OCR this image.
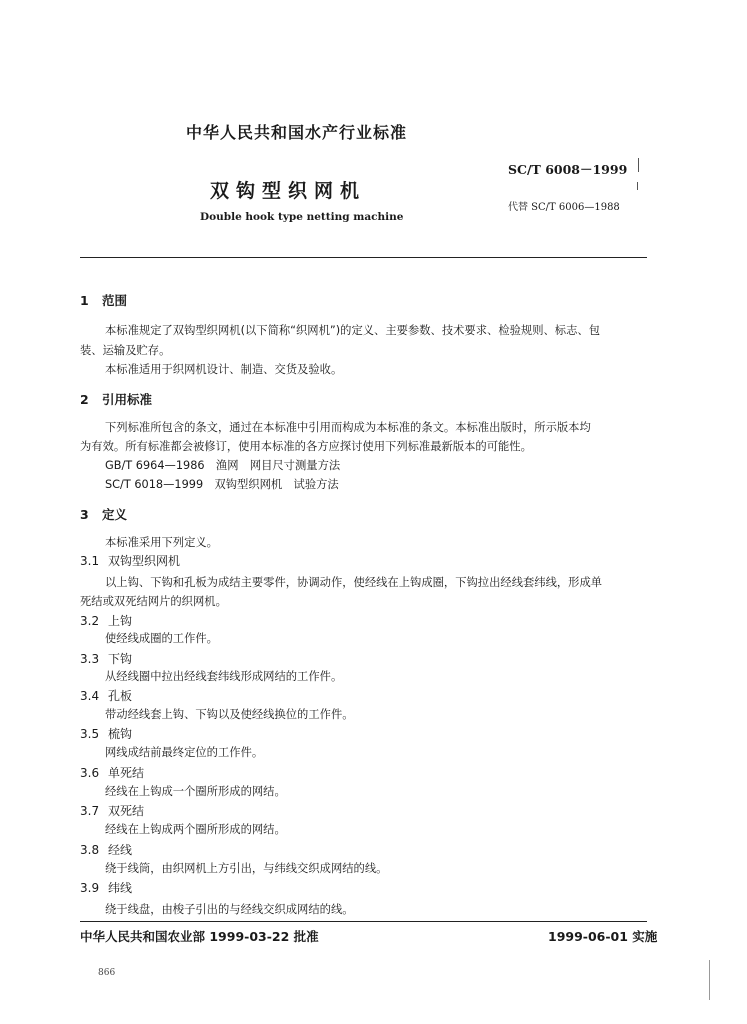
中华人民共和国水产行业标准
SC/T 6008－1999
双钩型织网机
代替 SC/T 6006—1988
Double hook type netting machine
1 范围
本标准规定了双钩型织网机(以下简称“织网机”)的定义、主要参数、技术要求、检验规则、标志、包
装、运输及贮存。
本标准适用于织网机设计、制造、交货及验收。
2 引用标准
下列标准所包含的条文，通过在本标准中引用而构成为本标准的条文。本标准出版时，所示版本均
为有效。所有标准都会被修订，使用本标准的各方应探讨使用下列标准最新版本的可能性。
GB/T 6964—1986　渔网　网目尺寸测量方法
SC/T 6018—1999　双钩型织网机　试验方法
3 定义
本标准采用下列定义。
3.1 双钩型织网机
以上钩、下钩和孔板为成结主要零件，协调动作，使经线在上钩成圈，下钩拉出经线套纬线，形成单
死结或双死结网片的织网机。
3.2 上钩
使经线成圈的工作件。
3.3 下钩
从经线圈中拉出经线套纬线形成网结的工作件。
3.4 孔板
带动经线套上钩、下钩以及使经线换位的工作件。
3.5 梳钩
网线成结前最终定位的工作件。
3.6 单死结
经线在上钩成一个圈所形成的网结。
3.7 双死结
经线在上钩成两个圈所形成的网结。
3.8 经线
绕于线筒，由织网机上方引出，与纬线交织成网结的线。
3.9 纬线
绕于线盘，由梭子引出的与经线交织成网结的线。
中华人民共和国农业部 1999-03-22 批准	1999-06-01 实施
866
